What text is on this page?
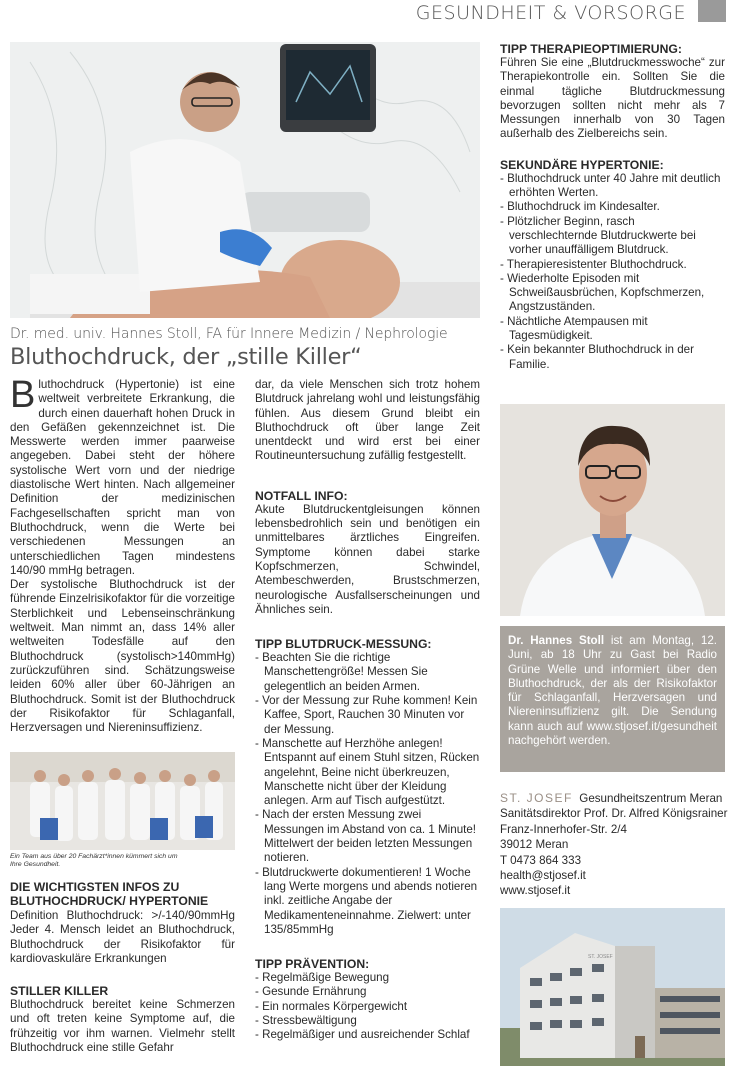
GESUNDHEIT & VORSORGE
Dr. med. univ. Hannes Stoll, FA für Innere Medizin / Nephrologie
Bluthochdruck, der „stille Killer“

Bluthochdruck (Hypertonie) ist eine weltweit verbreitete Erkrankung, die durch einen dauerhaft hohen Druck in den Gefäßen gekennzeichnet ist. Die Messwerte werden immer paarweise angegeben. Dabei steht der höhere systolische Wert vorn und der niedrige diastolische Wert hinten. Nach allgemeiner Definition der medizinischen Fachgesellschaften spricht man von Bluthochdruck, wenn die Werte bei verschiedenen Messungen an unterschiedlichen Tagen mindestens 140/90 mmHg betragen.

Der systolische Bluthochdruck ist der führende Einzelrisikofaktor für die vorzeitige Sterblichkeit und Lebenseinschränkung weltweit. Man nimmt an, dass 14% aller weltweiten Todesfälle auf den Bluthochdruck (systolisch>140mmHg) zurückzuführen sind. Schätzungsweise leiden 60% aller über 60-Jährigen an Bluthochdruck. Somit ist der Bluthochdruck der Risikofaktor für Schlaganfall, Herzversagen und Niereninsuffizienz.

Ein Team aus über 20 Fachärzt*innen kümmert sich um Ihre Gesundheit.
DIE WICHTIGSTEN INFOS ZU BLUTHOCHDRUCK/ HYPERTONIE
Definition Bluthochdruck: >/-140/90mmHg Jeder 4. Mensch leidet an Bluthochdruck, Bluthochdruck der Risikofaktor für kardiovaskuläre Erkrankungen
STILLER KILLER
Bluthochdruck bereitet keine Schmerzen und oft treten keine Symptome auf, die frühzeitig vor ihm warnen. Vielmehr stellt Bluthochdruck eine stille Gefahr
dar, da viele Menschen sich trotz hohem Blutdruck jahrelang wohl und leistungsfähig fühlen. Aus diesem Grund bleibt ein Bluthochdruck oft über lange Zeit unentdeckt und wird erst bei einer Routineuntersuchung zufällig festgestellt.
NOTFALL INFO:
Akute Blutdruckentgleisungen können lebensbedrohlich sein und benötigen ein unmittelbares ärztliches Eingreifen. Symptome können dabei starke Kopfschmerzen, Schwindel, Atembeschwerden, Brustschmerzen, neurologische Ausfallserscheinungen und Ähnliches sein.
TIPP BLUTDRUCK-MESSUNG:
- Beachten Sie die richtige Manschettengröße! Messen Sie gelegentlich an beiden Armen.
- Vor der Messung zur Ruhe kommen! Kein Kaffee, Sport, Rauchen 30 Minuten vor der Messung.
- Manschette auf Herzhöhe anlegen! Entspannt auf einem Stuhl sitzen, Rücken angelehnt, Beine nicht überkreuzen, Manschette nicht über der Kleidung anlegen. Arm auf Tisch aufgestützt.
- Nach der ersten Messung zwei Messungen im Abstand von ca. 1 Minute! Mittelwert der beiden letzten Messungen notieren.
- Blutdruckwerte dokumentieren! 1 Woche lang Werte morgens und abends notieren inkl. zeitliche Angabe der Medikamenteneinnahme. Zielwert: unter 135/85mmHg
TIPP PRÄVENTION:
- Regelmäßige Bewegung
- Gesunde Ernährung
- Ein normales Körpergewicht
- Stressbewältigung
- Regelmäßiger und ausreichender Schlaf
TIPP THERAPIEOPTIMIERUNG:
Führen Sie eine „Blutdruckmesswoche“ zur Therapiekontrolle ein. Sollten Sie die einmal tägliche Blutdruckmessung bevorzugen sollten nicht mehr als 7 Messungen innerhalb von 30 Tagen außerhalb des Zielbereichs sein.
SEKUNDÄRE HYPERTONIE:
- Bluthochdruck unter 40 Jahre mit deutlich erhöhten Werten.
- Bluthochdruck im Kindesalter.
- Plötzlicher Beginn, rasch verschlechternde Blutdruckwerte bei vorher unauffälligem Blutdruck.
- Therapieresistenter Bluthochdruck.
- Wiederholte Episoden mit Schweißausbrüchen, Kopfschmerzen, Angstzuständen.
- Nächtliche Atempausen mit Tagesmüdigkeit.
- Kein bekannter Bluthochdruck in der Familie.
Dr. Hannes Stoll ist am Montag, 12. Juni, ab 18 Uhr zu Gast bei Radio Grüne Welle und informiert über den Bluthochdruck, der als der Risikofaktor für Schlaganfall, Herzversagen und Niereninsuffizienz gilt. Die Sendung kann auch auf www.stjosef.it/gesundheit nachgehört werden.
ST. JOSEF Gesundheitszentrum Meran
Sanitätsdirektor Prof. Dr. Alfred Königsrainer
Franz-Innerhofer-Str. 2/4
39012 Meran
T 0473 864 333
health@stjosef.it
www.stjosef.it
ST. JOSEF
